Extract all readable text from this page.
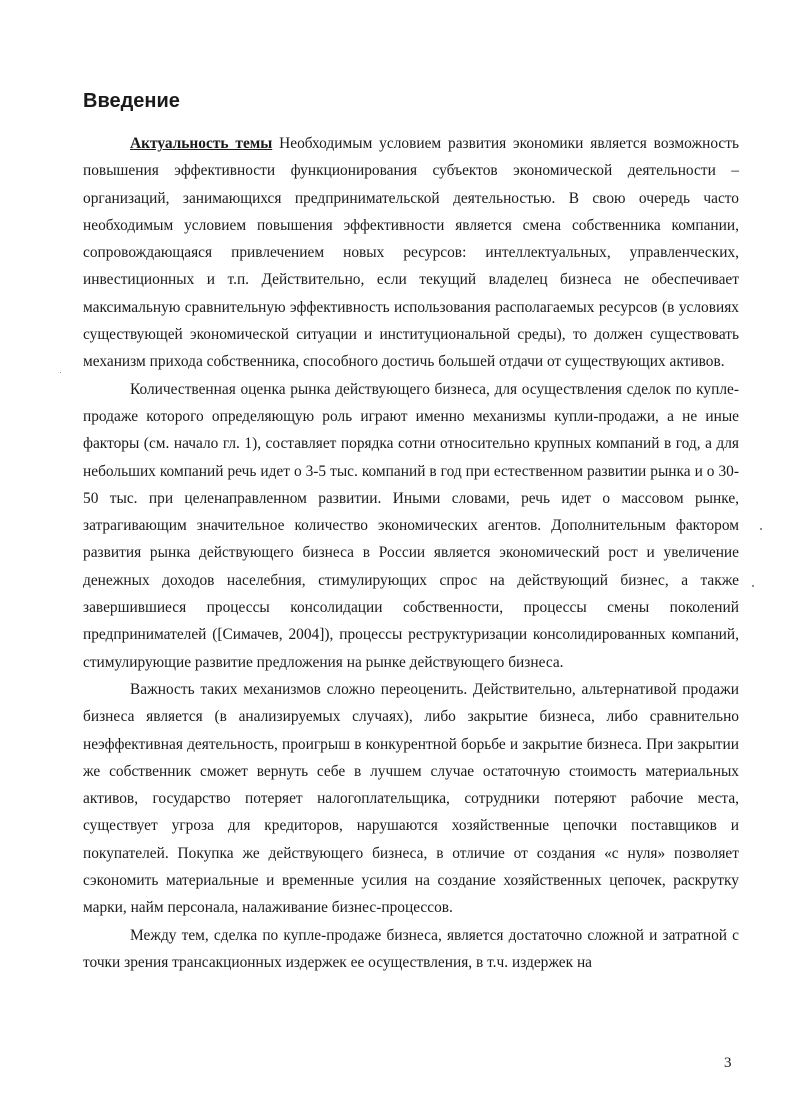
Введение

Актуальность темы Необходимым условием развития экономики является возможность повышения эффективности функционирования субъектов экономической деятельности – организаций, занимающихся предпринимательской деятельностью. В свою очередь часто необходимым условием повышения эффективности является смена собственника компании, сопровождающаяся привлечением новых ресурсов: интеллектуальных, управленческих, инвестиционных и т.п. Действительно, если текущий владелец бизнеса не обеспечивает максимальную сравнительную эффективность использования располагаемых ресурсов (в условиях существующей экономической ситуации и институциональной среды), то должен существовать механизм прихода собственника, способного достичь большей отдачи от существующих активов.

Количественная оценка рынка действующего бизнеса, для осуществления сделок по купле-продаже которого определяющую роль играют именно механизмы купли-продажи, а не иные факторы (см. начало гл. 1), составляет порядка сотни относительно крупных компаний в год, а для небольших компаний речь идет о 3-5 тыс. компаний в год при естественном развитии рынка и о 30-50 тыс. при целенаправленном развитии. Иными словами, речь идет о массовом рынке, затрагивающим значительное количество экономических агентов. Дополнительным фактором развития рынка действующего бизнеса в России является экономический рост и увеличение денежных доходов населебния, стимулирующих спрос на действующий бизнес, а также завершившиеся процессы консолидации собственности, процессы смены поколений предпринимателей ([Симачев, 2004]), процессы реструктуризации консолидированных компаний, стимулирующие развитие предложения на рынке действующего бизнеса.

Важность таких механизмов сложно переоценить. Действительно, альтернативой продажи бизнеса является (в анализируемых случаях), либо закрытие бизнеса, либо сравнительно неэффективная деятельность, проигрыш в конкурентной борьбе и закрытие бизнеса. При закрытии же собственник сможет вернуть себе в лучшем случае остаточную стоимость материальных активов, государство потеряет налогоплательщика, сотрудники потеряют рабочие места, существует угроза для кредиторов, нарушаются хозяйственные цепочки поставщиков и покупателей. Покупка же действующего бизнеса, в отличие от создания «с нуля» позволяет сэкономить материальные и временные усилия на создание хозяйственных цепочек, раскрутку марки, найм персонала, налаживание бизнес-процессов.

Между тем, сделка по купле-продаже бизнеса, является достаточно сложной и затратной с точки зрения трансакционных издержек ее осуществления, в т.ч. издержек на

3
